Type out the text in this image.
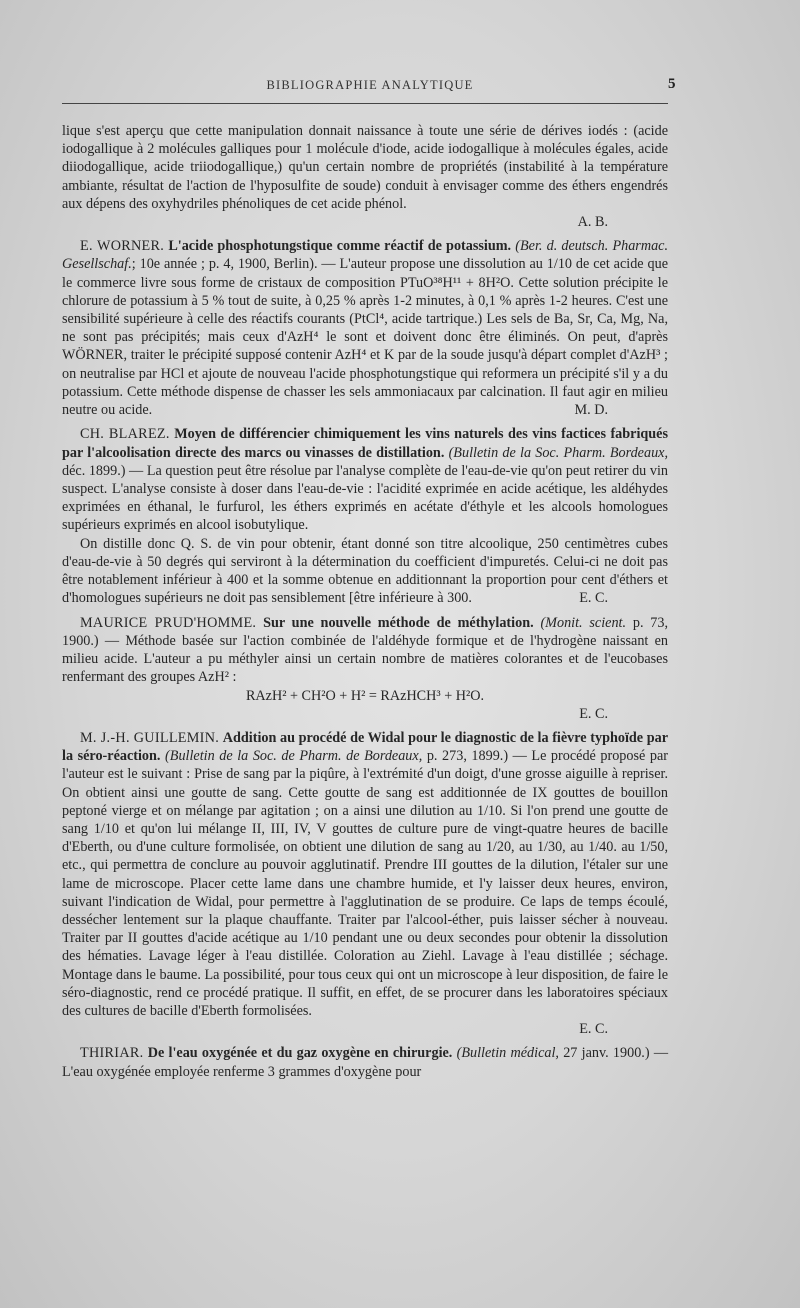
BIBLIOGRAPHIE ANALYTIQUE	5

lique s'est aperçu que cette manipulation donnait naissance à toute une série de dérives iodés : (acide iodogallique à 2 molécules galliques pour 1 molécule d'iode, acide iodogallique à molécules égales, acide diiodogallique, acide triiodogallique,) qu'un certain nombre de propriétés (instabilité à la température ambiante, résultat de l'action de l'hyposulfite de soude) conduit à envisager comme des éthers engendrés aux dépens des oxyhydriles phénoliques de cet acide phénol.

A. B.

E. WORNER. L'acide phosphotungstique comme réactif de potassium. (Ber. d. deutsch. Pharmac. Gesellschaf.; 10e année ; p. 4, 1900, Berlin). — L'auteur propose une dissolution au 1/10 de cet acide que le commerce livre sous forme de cristaux de composition PTuO³⁸H¹¹ + 8H²O. Cette solution précipite le chlorure de potassium à 5 % tout de suite, à 0,25 % après 1-2 minutes, à 0,1 % après 1-2 heures. C'est une sensibilité supérieure à celle des réactifs courants (PtCl⁴, acide tartrique.) Les sels de Ba, Sr, Ca, Mg, Na, ne sont pas précipités; mais ceux d'AzH⁴ le sont et doivent donc être éliminés. On peut, d'après WÖRNER, traiter le précipité supposé contenir AzH⁴ et K par de la soude jusqu'à départ complet d'AzH³ ; on neutralise par HCl et ajoute de nouveau l'acide phosphotungstique qui reformera un précipité s'il y a du potassium. Cette méthode dispense de chasser les sels ammoniacaux par calcination. Il faut agir en milieu neutre ou acide.	M. D.

CH. BLAREZ. Moyen de différencier chimiquement les vins naturels des vins factices fabriqués par l'alcoolisation directe des marcs ou vinasses de distillation. (Bulletin de la Soc. Pharm. Bordeaux, déc. 1899.) — La question peut être résolue par l'analyse complète de l'eau-de-vie qu'on peut retirer du vin suspect. L'analyse consiste à doser dans l'eau-de-vie : l'acidité exprimée en acide acétique, les aldéhydes exprimées en éthanal, le furfurol, les éthers exprimés en acétate d'éthyle et les alcools homologues supérieurs exprimés en alcool isobutylique.

On distille donc Q. S. de vin pour obtenir, étant donné son titre alcoolique, 250 centimètres cubes d'eau-de-vie à 50 degrés qui serviront à la détermination du coefficient d'impuretés. Celui-ci ne doit pas être notablement inférieur à 400 et la somme obtenue en additionnant la proportion pour cent d'éthers et d'homologues supérieurs ne doit pas sensiblement [être inférieure à 300.	E. C.

MAURICE PRUD'HOMME. Sur une nouvelle méthode de méthylation. (Monit. scient. p. 73, 1900.) — Méthode basée sur l'action combinée de l'aldéhyde formique et de l'hydrogène naissant en milieu acide. L'auteur a pu méthyler ainsi un certain nombre de matières colorantes et de l'eucobases renfermant des groupes AzH² :

RAzH² + CH²O + H² = RAzHCH³ + H²O.

E. C.

M. J.-H. GUILLEMIN. Addition au procédé de Widal pour le diagnostic de la fièvre typhoïde par la séro-réaction. (Bulletin de la Soc. de Pharm. de Bordeaux, p. 273, 1899.) — Le procédé proposé par l'auteur est le suivant : Prise de sang par la piqûre, à l'extrémité d'un doigt, d'une grosse aiguille à repriser. On obtient ainsi une goutte de sang. Cette goutte de sang est additionnée de IX gouttes de bouillon peptoné vierge et on mélange par agitation ; on a ainsi une dilution au 1/10. Si l'on prend une goutte de sang 1/10 et qu'on lui mélange II, III, IV, V gouttes de culture pure de vingt-quatre heures de bacille d'Eberth, ou d'une culture formolisée, on obtient une dilution de sang au 1/20, au 1/30, au 1/40. au 1/50, etc., qui permettra de conclure au pouvoir agglutinatif. Prendre III gouttes de la dilution, l'étaler sur une lame de microscope. Placer cette lame dans une chambre humide, et l'y laisser deux heures, environ, suivant l'indication de Widal, pour permettre à l'agglutination de se produire. Ce laps de temps écoulé, dessécher lentement sur la plaque chauffante. Traiter par l'alcool-éther, puis laisser sécher à nouveau. Traiter par II gouttes d'acide acétique au 1/10 pendant une ou deux secondes pour obtenir la dissolution des hématies. Lavage léger à l'eau distillée. Coloration au Ziehl. Lavage à l'eau distillée ; séchage. Montage dans le baume. La possibilité, pour tous ceux qui ont un microscope à leur disposition, de faire le séro-diagnostic, rend ce procédé pratique. Il suffit, en effet, de se procurer dans les laboratoires spéciaux des cultures de bacille d'Eberth formolisées.

E. C.

THIRIAR. De l'eau oxygénée et du gaz oxygène en chirurgie. (Bulletin médical, 27 janv. 1900.) — L'eau oxygénée employée renferme 3 grammes d'oxygène pour
